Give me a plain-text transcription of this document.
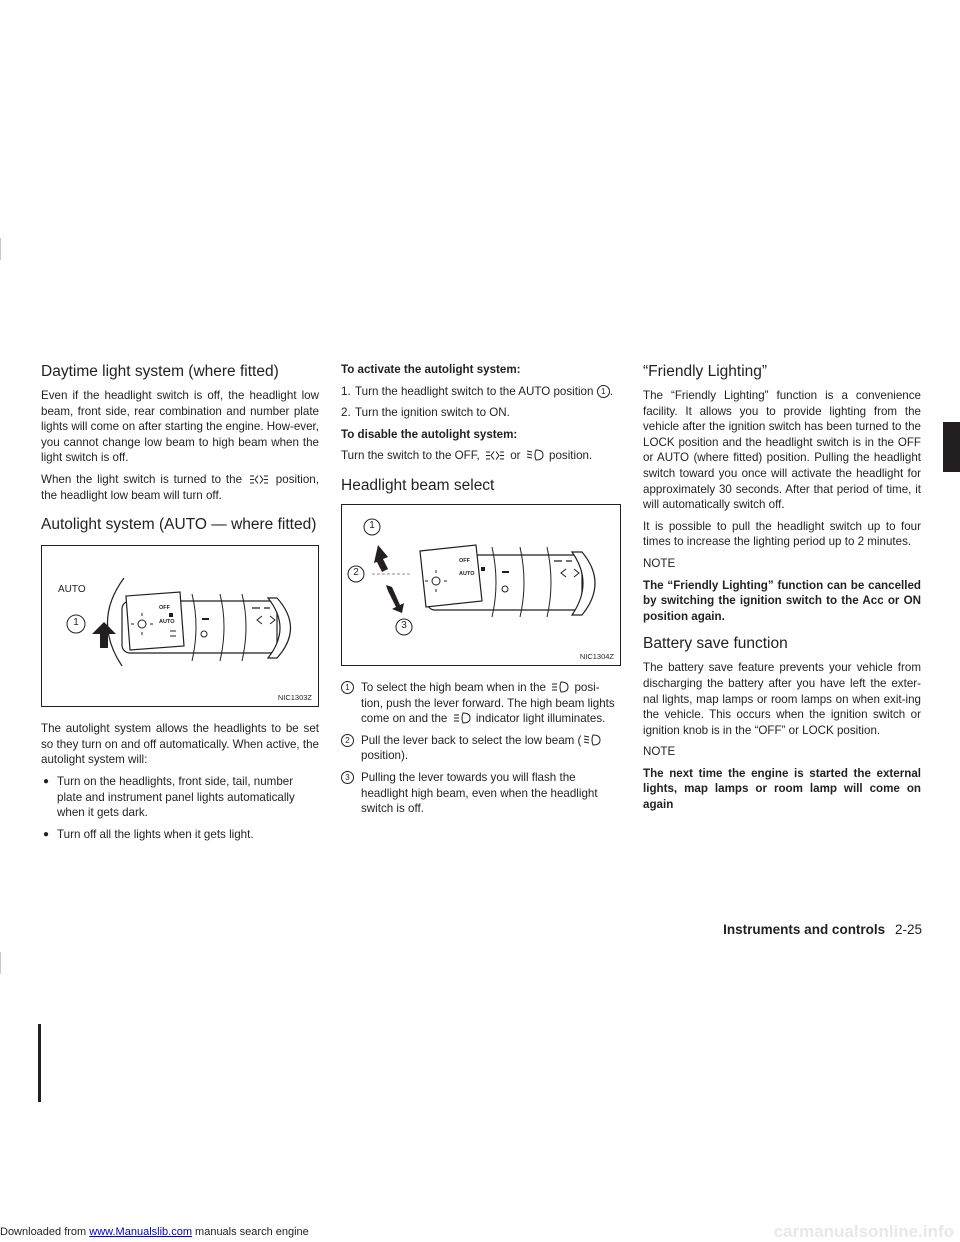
Daytime light system (where fitted)

Even if the headlight switch is off, the headlight low beam, front side, rear combination and number plate lights will come on after starting the engine. How-ever, you cannot change low beam to high beam when the light switch is off.

When the light switch is turned to the	position, the headlight low beam will turn off.

Autolight system (AUTO — where fitted)
AUTO
1
OFF
AUTO
NIC1303Z

The autolight system allows the headlights to be set so they turn on and off automatically. When active, the autolight system will:

● Turn on the headlights, front side, tail, number plate and instrument panel lights automatically when it gets dark.
● Turn off all the lights when it gets light.

To activate the autolight system:

1. Turn the headlight switch to the AUTO position 1 .
2. Turn the ignition switch to ON.

To disable the autolight system:

Turn the switch to the OFF,	or position.

Headlight beam select
1
2
3
OFF
AUTO
NIC1304Z
1 To select the high beam when in the posi-tion, push the lever forward. The high beam lights come on and the indicator light illuminates.
2 Pull the lever back to select the low beam (position).
3 Pulling the lever towards you will flash the headlight high beam, even when the headlight switch is off.
“Friendly Lighting”

The “Friendly Lighting” function is a convenience facility. It allows you to provide lighting from the vehicle after the ignition switch has been turned to the LOCK position and the headlight switch is in the OFF or AUTO (where fitted) position. Pulling the headlight switch toward you once will activate the headlight for approximately 30 seconds. After that period of time, it will automatically switch off.

It is possible to pull the headlight switch up to four times to increase the lighting period up to 2 minutes.

NOTE

The “Friendly Lighting” function can be cancelled by switching the ignition switch to the Acc or ON position again.

Battery save function

The battery save feature prevents your vehicle from discharging the battery after you have left the exter-nal lights, map lamps or room lamps on when exit-ing the vehicle. This occurs when the ignition switch or ignition knob is in the “OFF” or LOCK position.

NOTE

The next time the engine is started the external lights, map lamps or room lamp will come on again

Instruments and controls 2-25
Downloaded from www.Manualslib.com manuals search engine	carmanualsonline.info
